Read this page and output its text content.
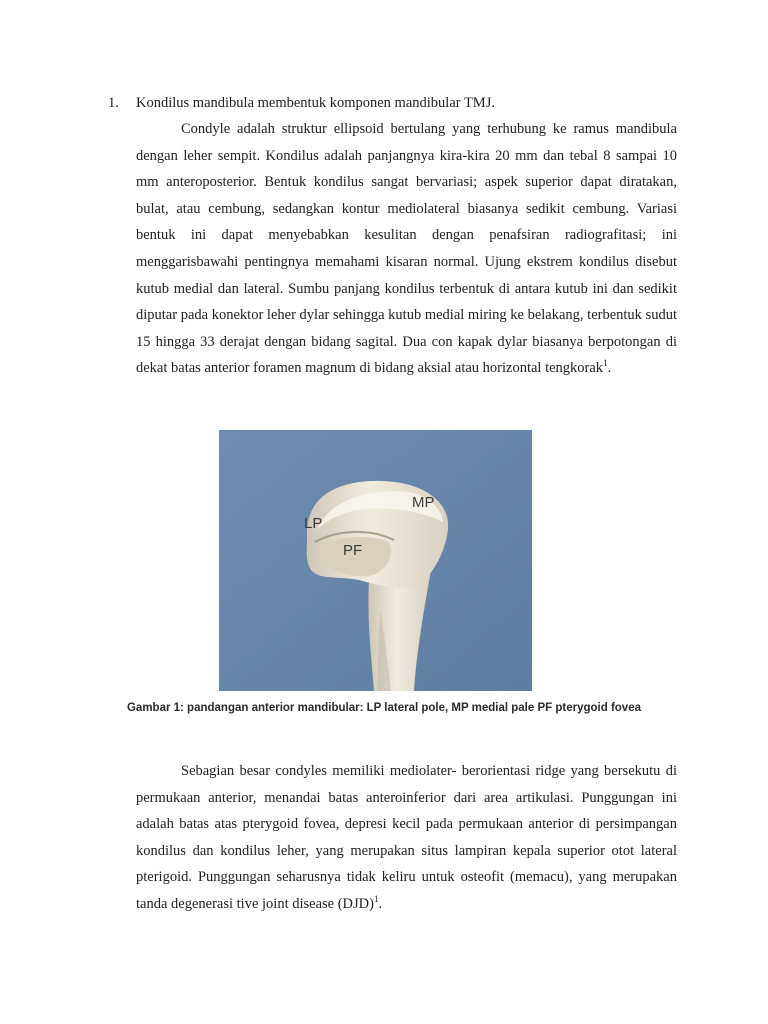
1. Kondilus mandibula membentuk komponen mandibular TMJ.

Condyle adalah struktur ellipsoid bertulang yang terhubung ke ramus mandibula dengan leher sempit. Kondilus adalah panjangnya kira-kira 20 mm dan tebal 8 sampai 10 mm anteroposterior. Bentuk kondilus sangat bervariasi; aspek superior dapat diratakan, bulat, atau cembung, sedangkan kontur mediolateral biasanya sedikit cembung. Variasi bentuk ini dapat menyebabkan kesulitan dengan penafsiran radiografitasi; ini menggarisbawahi pentingnya memahami kisaran normal. Ujung ekstrem kondilus disebut kutub medial dan lateral. Sumbu panjang kondilus terbentuk di antara kutub ini dan sedikit diputar pada konektor leher dylar sehingga kutub medial miring ke belakang, terbentuk sudut 15 hingga 33 derajat dengan bidang sagital. Dua con kapak dylar biasanya berpotongan di dekat batas anterior foramen magnum di bidang aksial atau horizontal tengkorak$^1$.

LP
MP
PF
Gambar 1: pandangan anterior mandibular: LP lateral pole, MP medial pale PF pterygoid fovea

Sebagian besar condyles memiliki mediolater- berorientasi ridge yang bersekutu di permukaan anterior, menandai batas anteroinferior dari area artikulasi. Punggungan ini adalah batas atas pterygoid fovea, depresi kecil pada permukaan anterior di persimpangan kondilus dan kondilus leher, yang merupakan situs lampiran kepala superior otot lateral pterigoid. Punggungan seharusnya tidak keliru untuk osteofit (memacu), yang merupakan tanda degenerasi tive joint disease (DJD)$^1$.
